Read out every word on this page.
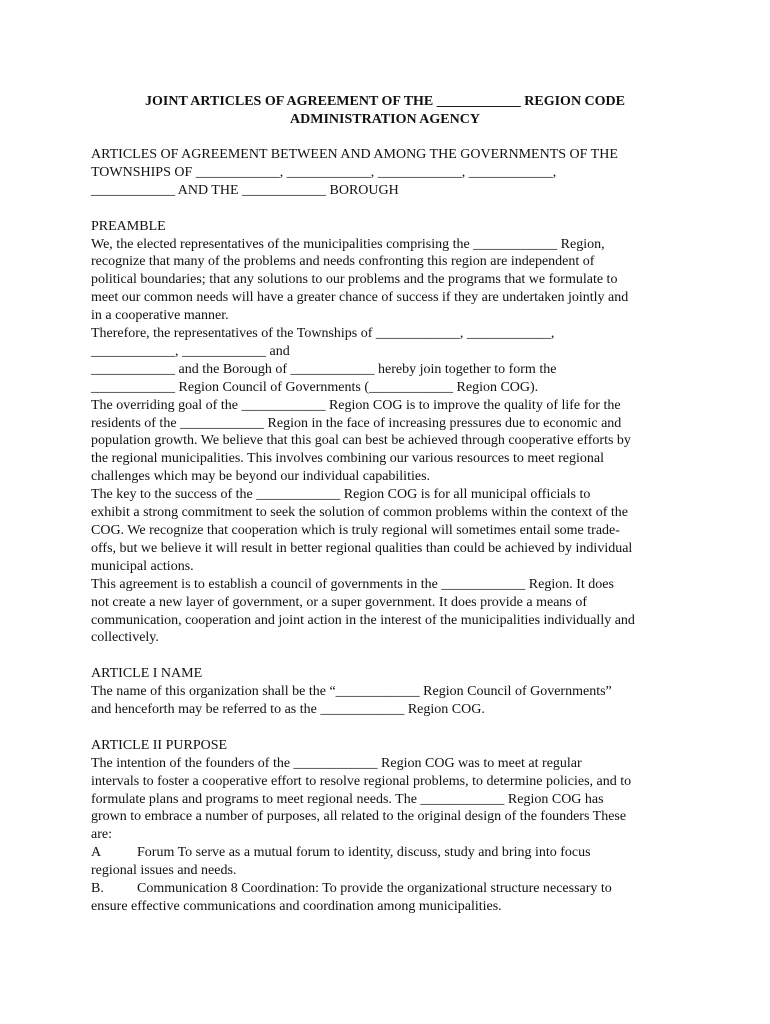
JOINT ARTICLES OF AGREEMENT OF THE ____________ REGION CODE
ADMINISTRATION AGENCY
ARTICLES OF AGREEMENT BETWEEN AND AMONG THE GOVERNMENTS OF THE
TOWNSHIPS OF ____________, ____________, ____________, ____________,
____________ AND THE ____________ BOROUGH
PREAMBLE
We, the elected representatives of the municipalities comprising the ____________ Region,
recognize that many of the problems and needs confronting this region are independent of
political boundaries; that any solutions to our problems and the programs that we formulate to
meet our common needs will have a greater chance of success if they are undertaken jointly and
in a cooperative manner.
Therefore, the representatives of the Townships of ____________, ____________,
____________, ____________ and
____________ and the Borough of ____________ hereby join together to form the
____________ Region Council of Governments (____________ Region COG).
The overriding goal of the ____________ Region COG is to improve the quality of life for the
residents of the ____________ Region in the face of increasing pressures due to economic and
population growth. We believe that this goal can best be achieved through cooperative efforts by
the regional municipalities. This involves combining our various resources to meet regional
challenges which may be beyond our individual capabilities.
The key to the success of the ____________ Region COG is for all municipal officials to
exhibit a strong commitment to seek the solution of common problems within the context of the
COG. We recognize that cooperation which is truly regional will sometimes entail some trade-
offs, but we believe it will result in better regional qualities than could be achieved by individual
municipal actions.
This agreement is to establish a council of governments in the ____________ Region. It does
not create a new layer of government, or a super government. It does provide a means of
communication, cooperation and joint action in the interest of the municipalities individually and
collectively.
ARTICLE I NAME
The name of this organization shall be the “____________ Region Council of Governments”
and henceforth may be referred to as the ____________ Region COG.
ARTICLE II PURPOSE
The intention of the founders of the ____________ Region COG was to meet at regular
intervals to foster a cooperative effort to resolve regional problems, to determine policies, and to
formulate plans and programs to meet regional needs. The ____________ Region COG has
grown to embrace a number of purposes, all related to the original design of the founders These
are:
A	Forum To serve as a mutual forum to identity, discuss, study and bring into focus
regional issues and needs.
B. Communication 8 Coordination: To provide the organizational structure necessary to
ensure effective communications and coordination among municipalities.
